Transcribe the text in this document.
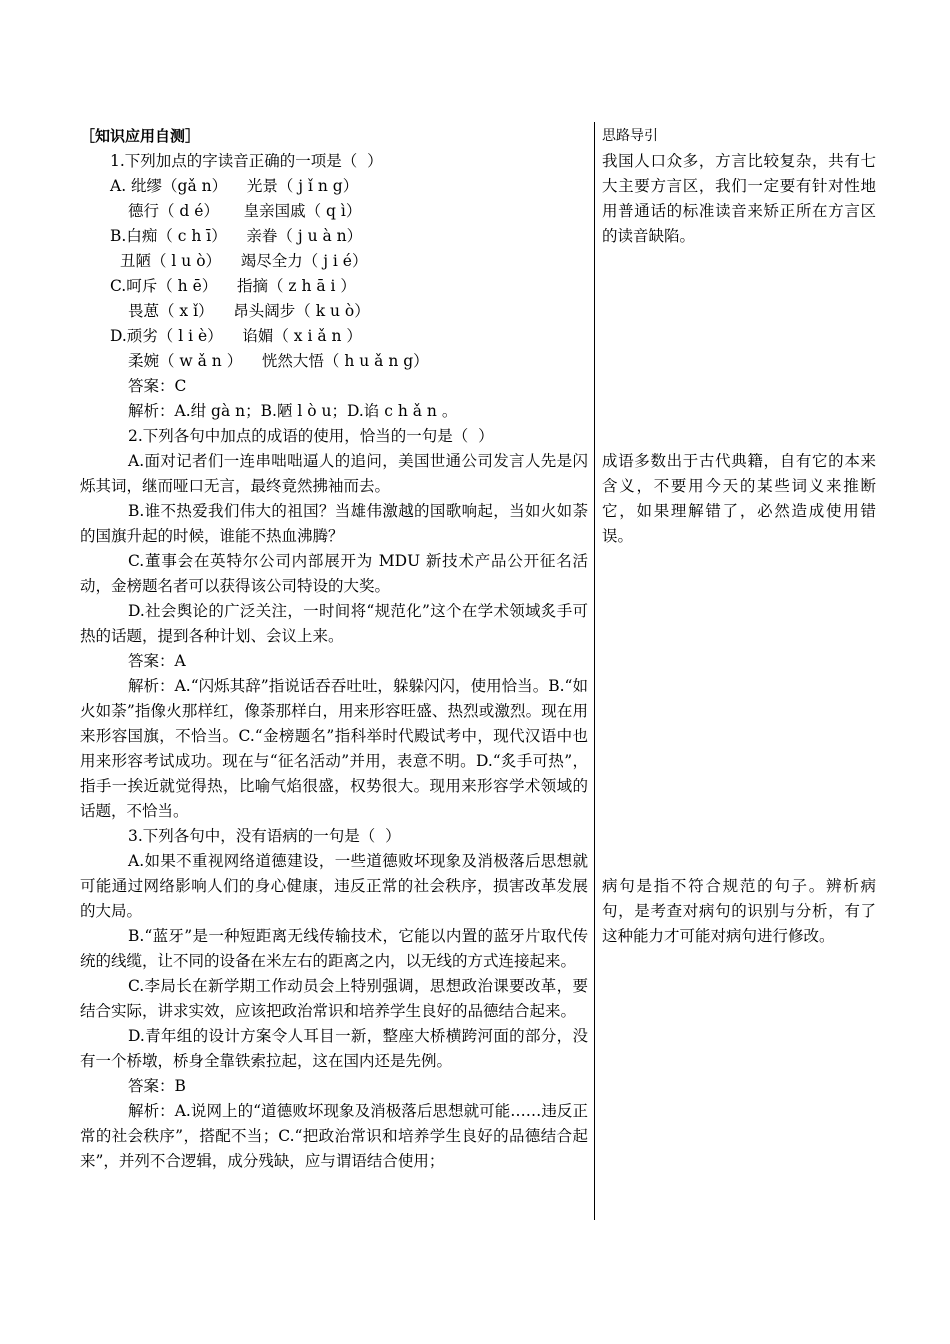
［知识应用自测］
1.下列加点的字读音正确的一项是（  ）
A. 纰缪（gǎ n）    光景（ j ǐ n g）
德行（ d é）     皇亲国戚（ q ì）
B.白痴（ c h ī）    亲眷（ j u à n）
丑陋（ l u ò）    竭尽全力（ j i é）
C.呵斥（ h ē）    指摘（ z h ā i ）
畏葸（ x ǐ）    昂头阔步（ k u ò）
D.顽劣（ l i è）    谄媚（ x i ǎ n ）
柔婉（ w ǎ n ）    恍然大悟（ h u ǎ n g）
答案：C
解析：A.绀 gà n；B.陋 l ò u；D.谄 c h ǎ n 。
2.下列各句中加点的成语的使用，恰当的一句是（  ）
A.面对记者们一连串咄咄逼人的追问，美国世通公司发言人先是闪烁其词，继而哑口无言，最终竟然拂袖而去。
B.谁不热爱我们伟大的祖国？当雄伟激越的国歌响起，当如火如荼的国旗升起的时候，谁能不热血沸腾？
C.董事会在英特尔公司内部展开为 MDU 新技术产品公开征名活动，金榜题名者可以获得该公司特设的大奖。
D.社会舆论的广泛关注，一时间将“规范化”这个在学术领域炙手可热的话题，提到各种计划、会议上来。
答案：A
解析：A.“闪烁其辞”指说话吞吞吐吐，躲躲闪闪，使用恰当。B.“如火如荼”指像火那样红，像荼那样白，用来形容旺盛、热烈或激烈。现在用来形容国旗，不恰当。C.“金榜题名”指科举时代殿试考中，现代汉语中也用来形容考试成功。现在与“征名活动”并用，表意不明。D.“炙手可热”，指手一挨近就觉得热，比喻气焰很盛，权势很大。现用来形容学术领域的话题，不恰当。
3.下列各句中，没有语病的一句是（  ）
A.如果不重视网络道德建设，一些道德败坏现象及消极落后思想就可能通过网络影响人们的身心健康，违反正常的社会秩序，损害改革发展的大局。
B.“蓝牙”是一种短距离无线传输技术，它能以内置的蓝牙片取代传统的线缆，让不同的设备在米左右的距离之内，以无线的方式连接起来。
C.李局长在新学期工作动员会上特别强调，思想政治课要改革，要结合实际，讲求实效，应该把政治常识和培养学生良好的品德结合起来。
D.青年组的设计方案令人耳目一新，整座大桥横跨河面的部分，没有一个桥墩，桥身全靠铁索拉起，这在国内还是先例。
答案：B
解析：A.说网上的“道德败坏现象及消极落后思想就可能……违反正常的社会秩序”，搭配不当；C.“把政治常识和培养学生良好的品德结合起来”，并列不合逻辑，成分残缺，应与谓语结合使用；
思路导引
我国人口众多，方言比较复杂，共有七大主要方言区，我们一定要有针对性地用普通话的标准读音来矫正所在方言区的读音缺陷。
成语多数出于古代典籍，自有它的本来含义，不要用今天的某些词义来推断它，如果理解错了，必然造成使用错误。
病句是指不符合规范的句子。辨析病句，是考查对病句的识别与分析，有了这种能力才可能对病句进行修改。
